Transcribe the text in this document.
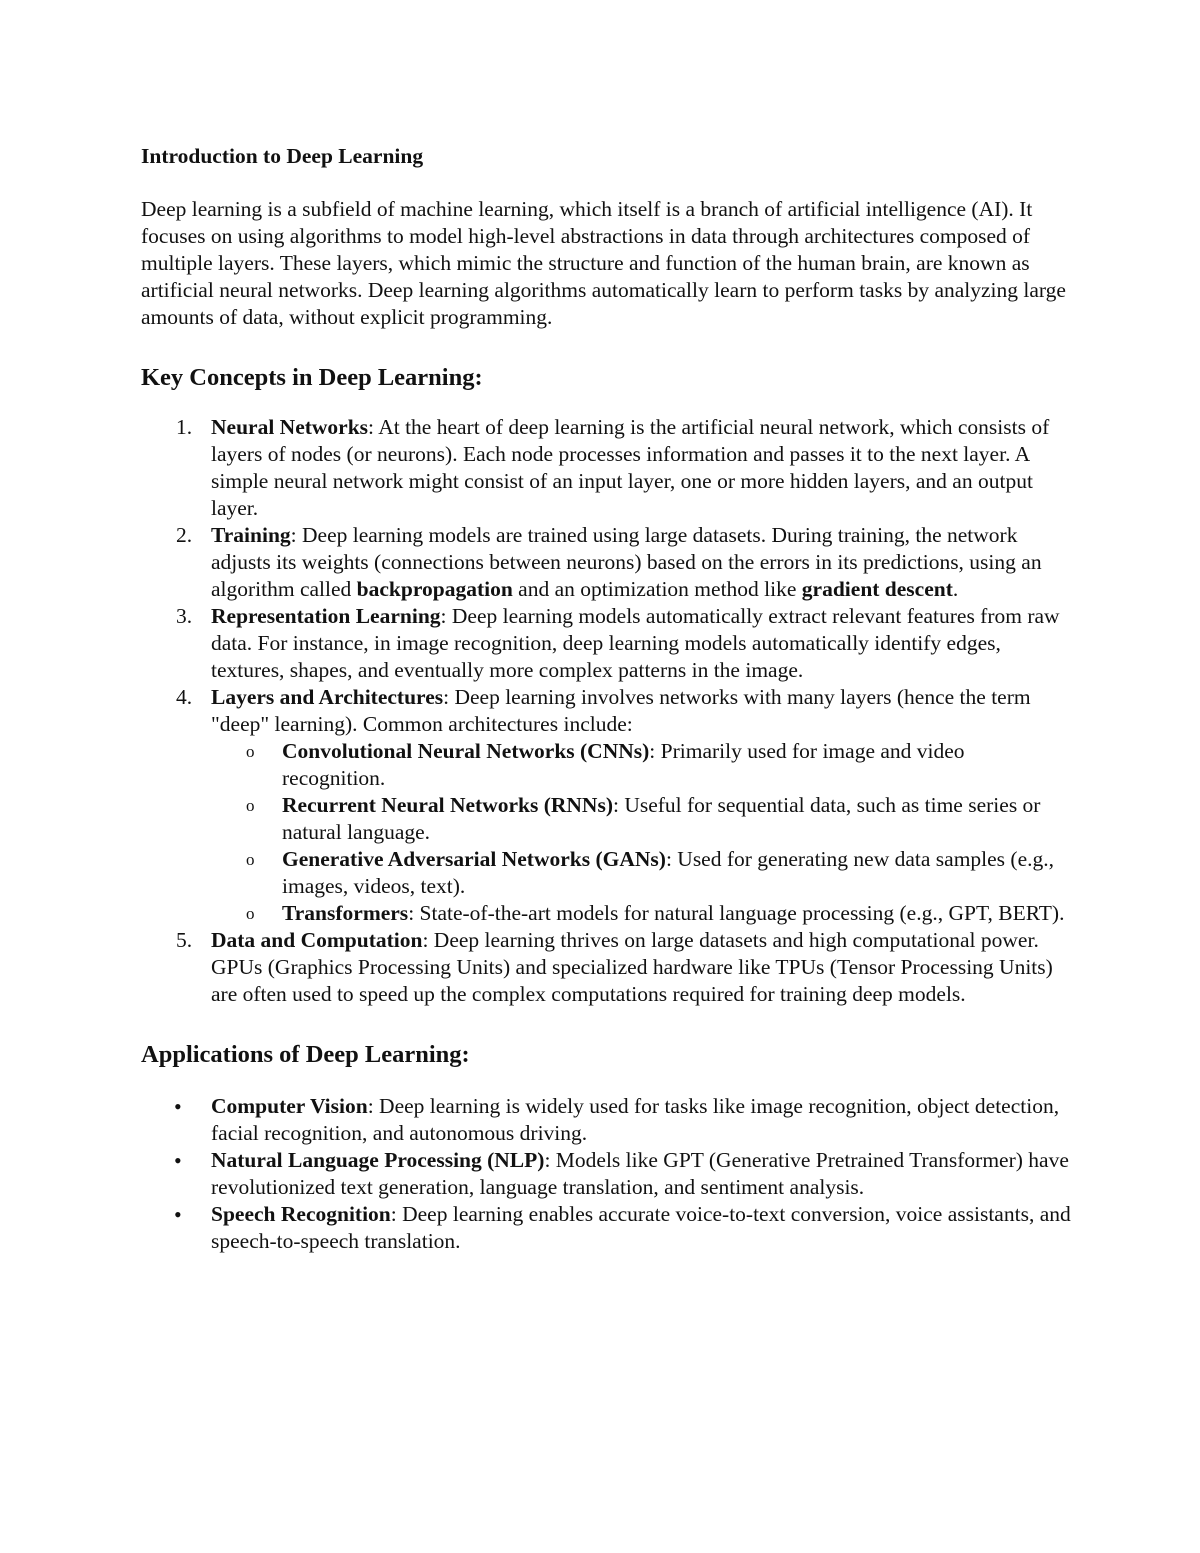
Introduction to Deep Learning

Deep learning is a subfield of machine learning, which itself is a branch of artificial intelligence (AI). It focuses on using algorithms to model high-level abstractions in data through architectures composed of multiple layers. These layers, which mimic the structure and function of the human brain, are known as artificial neural networks. Deep learning algorithms automatically learn to perform tasks by analyzing large amounts of data, without explicit programming.

Key Concepts in Deep Learning:
1. Neural Networks: At the heart of deep learning is the artificial neural network, which consists of layers of nodes (or neurons). Each node processes information and passes it to the next layer. A simple neural network might consist of an input layer, one or more hidden layers, and an output layer.
2. Training: Deep learning models are trained using large datasets. During training, the network adjusts its weights (connections between neurons) based on the errors in its predictions, using an algorithm called backpropagation and an optimization method like gradient descent.
3. Representation Learning: Deep learning models automatically extract relevant features from raw data. For instance, in image recognition, deep learning models automatically identify edges, textures, shapes, and eventually more complex patterns in the image.
4. Layers and Architectures: Deep learning involves networks with many layers (hence the term "deep" learning). Common architectures include:
o Convolutional Neural Networks (CNNs): Primarily used for image and video recognition.
o Recurrent Neural Networks (RNNs): Useful for sequential data, such as time series or natural language.
o Generative Adversarial Networks (GANs): Used for generating new data samples (e.g., images, videos, text).
o Transformers: State-of-the-art models for natural language processing (e.g., GPT, BERT).
5. Data and Computation: Deep learning thrives on large datasets and high computational power. GPUs (Graphics Processing Units) and specialized hardware like TPUs (Tensor Processing Units) are often used to speed up the complex computations required for training deep models.
Applications of Deep Learning:
• Computer Vision: Deep learning is widely used for tasks like image recognition, object detection, facial recognition, and autonomous driving.
• Natural Language Processing (NLP): Models like GPT (Generative Pretrained Transformer) have revolutionized text generation, language translation, and sentiment analysis.
• Speech Recognition: Deep learning enables accurate voice-to-text conversion, voice assistants, and speech-to-speech translation.
